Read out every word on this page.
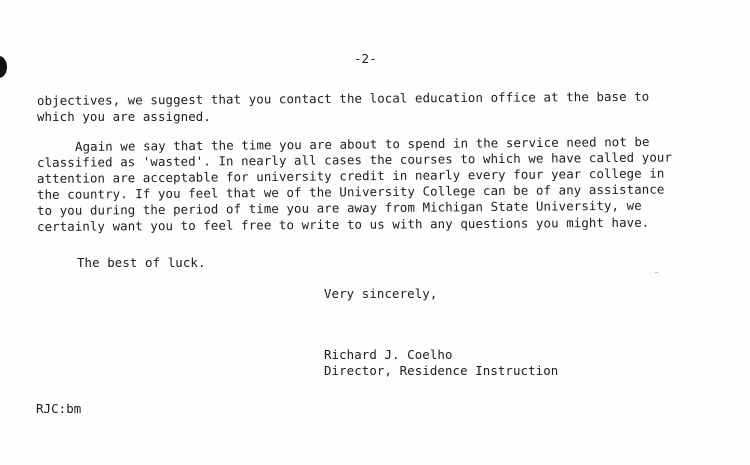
-2-
objectives, we suggest that you contact the local education office at the base to
which you are assigned.
Again we say that the time you are about to spend in the service need not be
classified as 'wasted'. In nearly all cases the courses to which we have called your
attention are acceptable for university credit in nearly every four year college in
the country. If you feel that we of the University College can be of any assistance
to you during the period of time you are away from Michigan State University, we
certainly want you to feel free to write to us with any questions you might have.
The best of luck.
Very sincerely,
Richard J. Coelho
Director, Residence Instruction
RJC:bm
